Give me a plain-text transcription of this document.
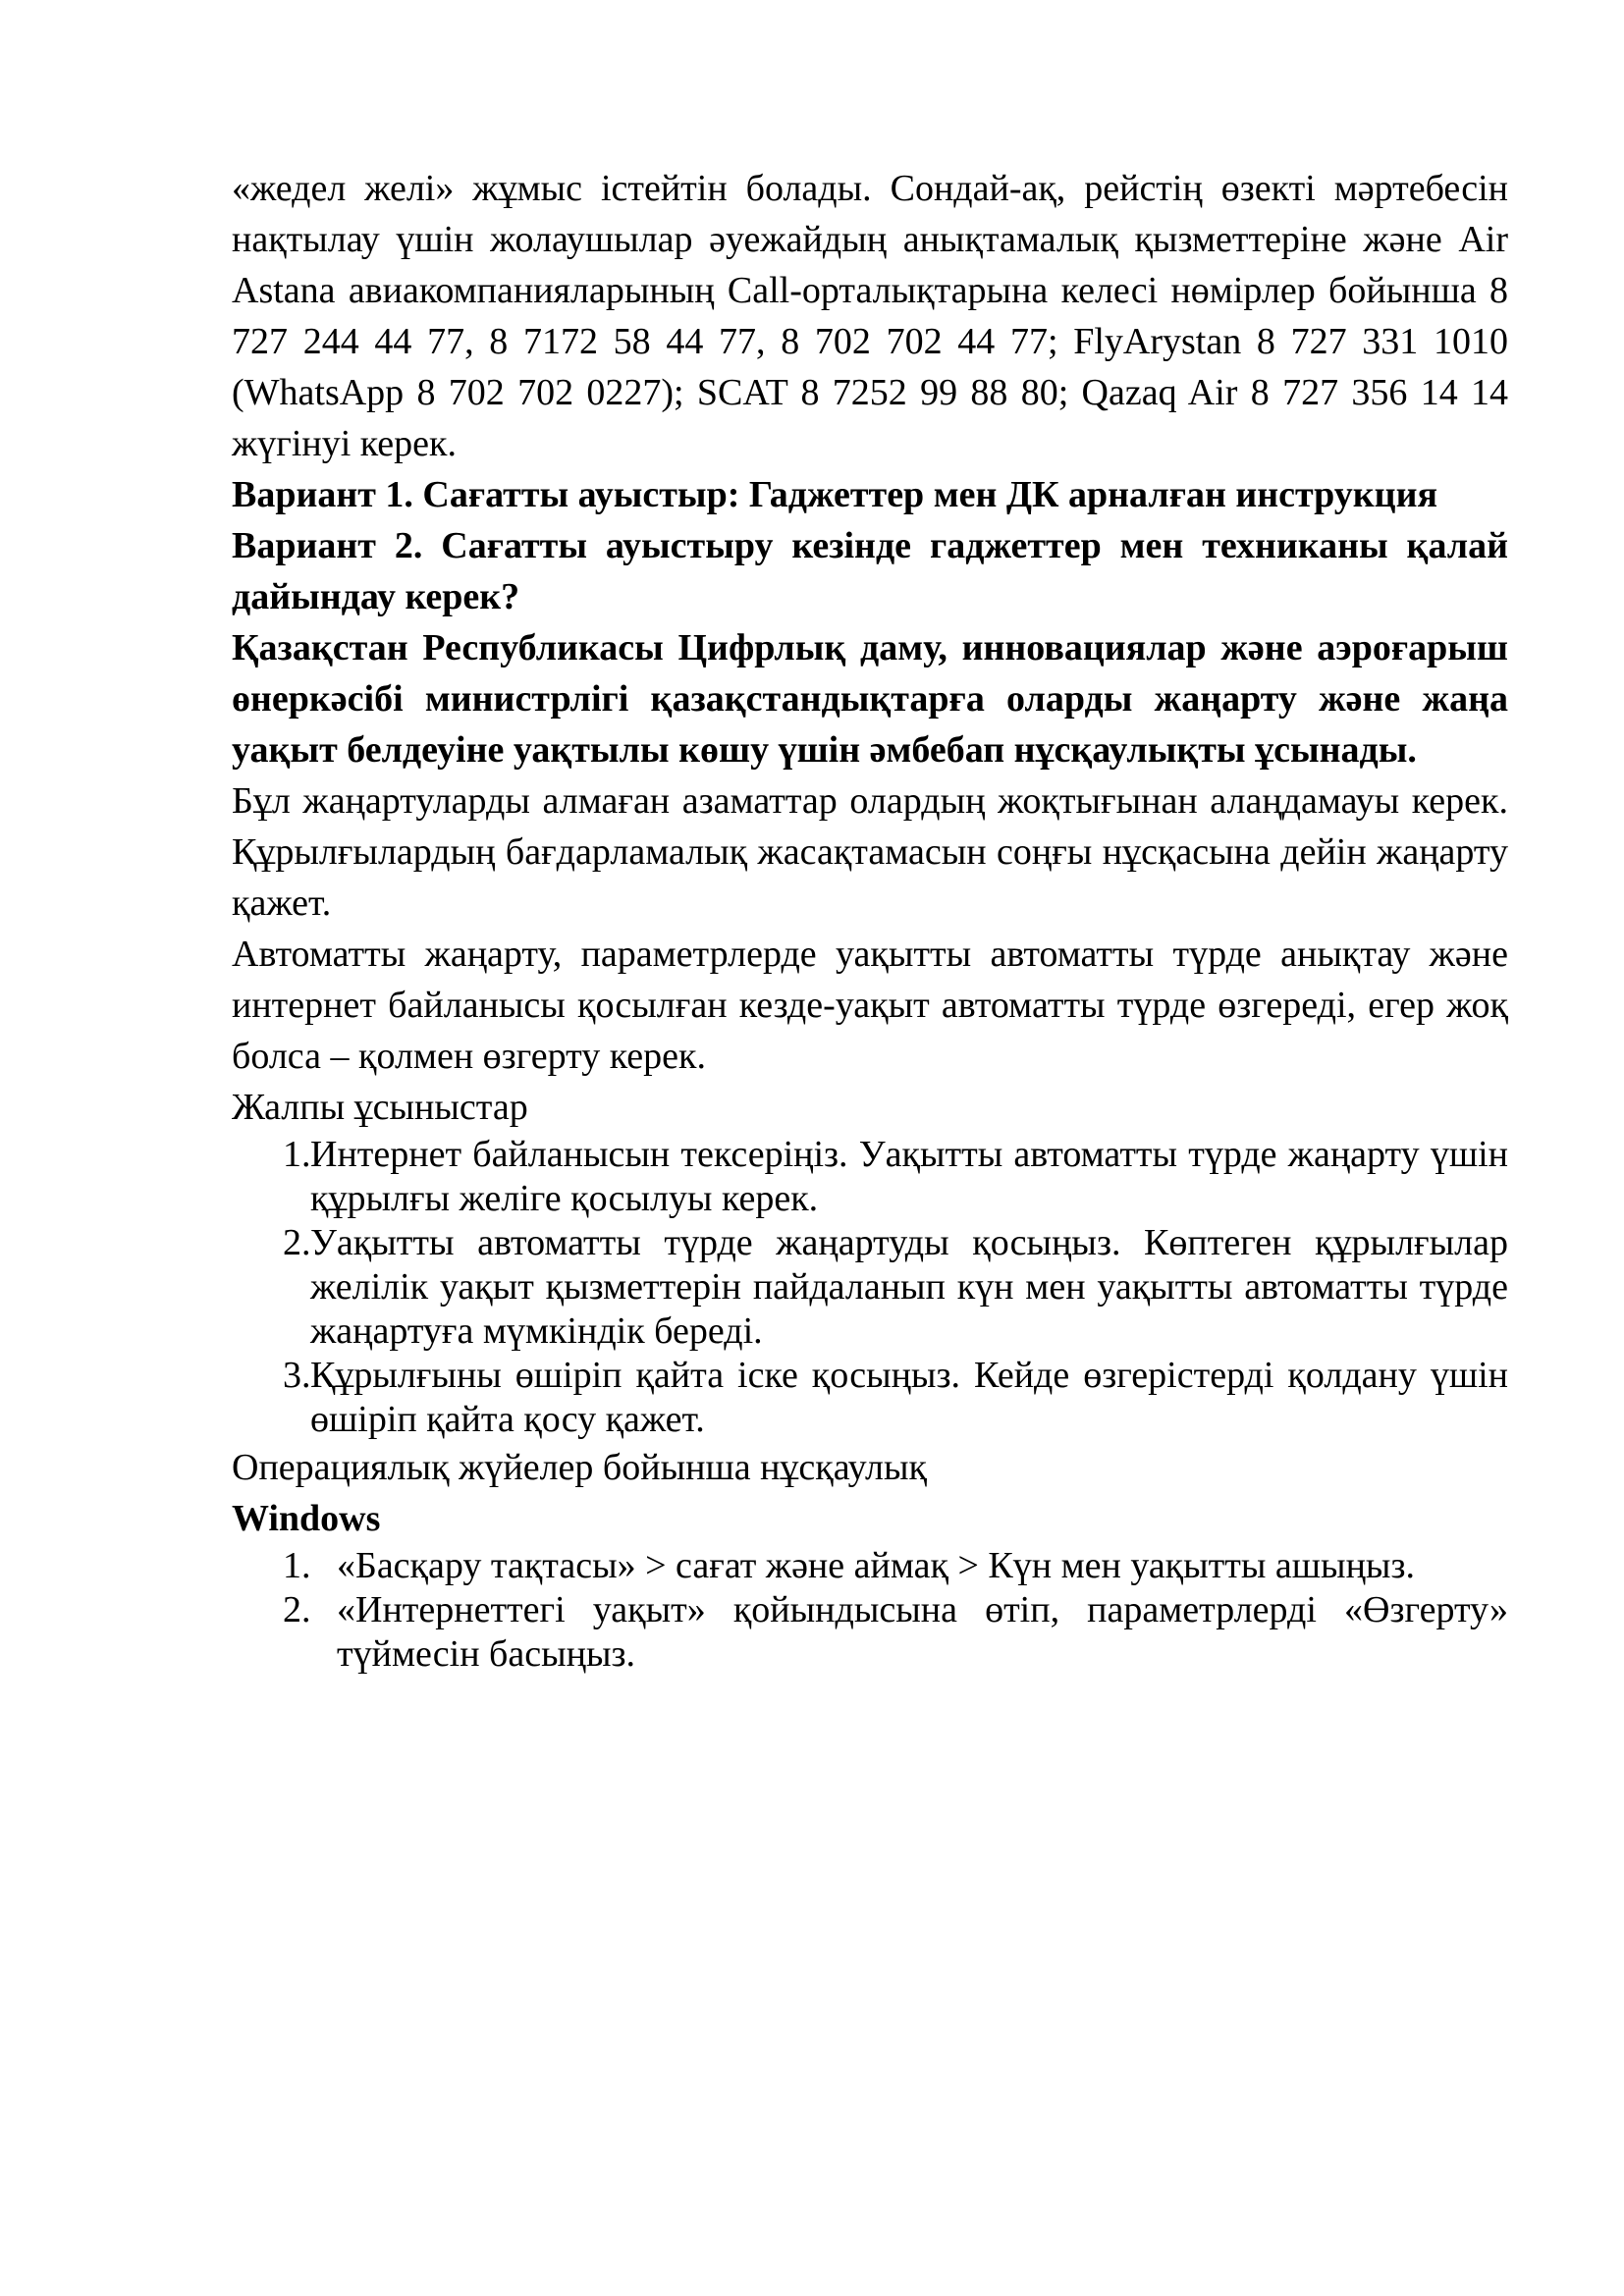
«жедел желі» жұмыс істейтін болады. Сондай-ақ, рейстің өзекті мәртебесін нақтылау үшін жолаушылар әуежайдың анықтамалық қызметтеріне және Air Astana авиакомпанияларының Call-орталықтарына келесі нөмірлер бойынша 8 727 244 44 77, 8 7172 58 44 77, 8 702 702 44 77; FlyArystan 8 727 331 1010 (WhatsApp 8 702 702 0227); SCAT 8 7252 99 88 80; Qazaq Air 8 727 356 14 14 жүгінуі керек.

Вариант 1. Сағатты ауыстыр: Гаджеттер мен ДК арналған инструкция

Вариант 2. Сағатты ауыстыру кезінде гаджеттер мен техниканы қалай дайындау керек?

Қазақстан Республикасы Цифрлық даму, инновациялар және аэроғарыш өнеркәсібі министрлігі қазақстандықтарға оларды жаңарту және жаңа уақыт белдеуіне уақтылы көшу үшін әмбебап нұсқаулықты ұсынады.

Бұл жаңартуларды алмаған азаматтар олардың жоқтығынан алаңдамауы керек. Құрылғылардың бағдарламалық жасақтамасын соңғы нұсқасына дейін жаңарту қажет.

Автоматты жаңарту, параметрлерде уақытты автоматты түрде анықтау және интернет байланысы қосылған кезде-уақыт автоматты түрде өзгереді, егер жоқ болса – қолмен өзгерту керек.

Жалпы ұсыныстар

1. Интернет байланысын тексеріңіз. Уақытты автоматты түрде жаңарту үшін құрылғы желіге қосылуы керек.
2. Уақытты автоматты түрде жаңартуды қосыңыз. Көптеген құрылғылар желілік уақыт қызметтерін пайдаланып күн мен уақытты автоматты түрде жаңартуға мүмкіндік береді.
3. Құрылғыны өшіріп қайта іске қосыңыз. Кейде өзгерістерді қолдану үшін өшіріп қайта қосу қажет.

Операциялық жүйелер бойынша нұсқаулық

Windows

1. «Басқару тақтасы» > сағат және аймақ > Күн мен уақытты ашыңыз.
2. «Интернеттегі уақыт» қойындысына өтіп, параметрлерді «Өзгерту» түймесін басыңыз.
